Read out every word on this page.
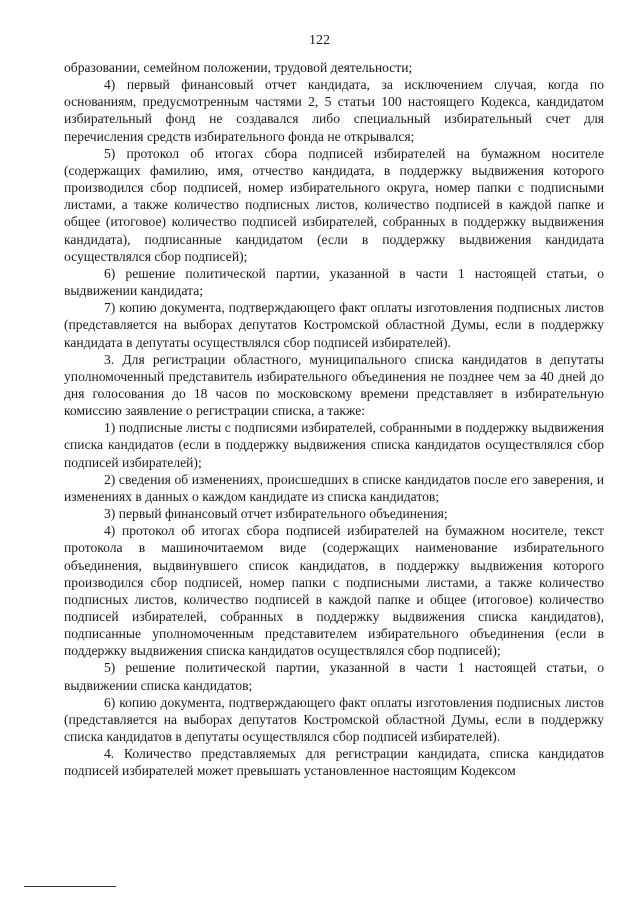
122

образовании, семейном положении, трудовой деятельности;

4) первый финансовый отчет кандидата, за исключением случая, когда по основаниям, предусмотренным частями 2, 5 статьи 100 настоящего Кодекса, кандидатом избирательный фонд не создавался либо специальный избирательный счет для перечисления средств избирательного фонда не открывался;

5) протокол об итогах сбора подписей избирателей на бумажном носителе (содержащих фамилию, имя, отчество кандидата, в поддержку выдвижения которого производился сбор подписей, номер избирательного округа, номер папки с подписными листами, а также количество подписных листов, количество подписей в каждой папке и общее (итоговое) количество подписей избирателей, собранных в поддержку выдвижения кандидата), подписанные кандидатом (если в поддержку выдвижения кандидата осуществлялся сбор подписей);

6) решение политической партии, указанной в части 1 настоящей статьи, о выдвижении кандидата;

7) копию документа, подтверждающего факт оплаты изготовления подписных листов (представляется на выборах депутатов Костромской областной Думы, если в поддержку кандидата в депутаты осуществлялся сбор подписей избирателей).

3. Для регистрации областного, муниципального списка кандидатов в депутаты уполномоченный представитель избирательного объединения не позднее чем за 40 дней до дня голосования до 18 часов по московскому времени представляет в избирательную комиссию заявление о регистрации списка, а также:

1) подписные листы с подписями избирателей, собранными в поддержку выдвижения списка кандидатов (если в поддержку выдвижения списка кандидатов осуществлялся сбор подписей избирателей);

2) сведения об изменениях, происшедших в списке кандидатов после его заверения, и изменениях в данных о каждом кандидате из списка кандидатов;

3) первый финансовый отчет избирательного объединения;

4) протокол об итогах сбора подписей избирателей на бумажном носителе, текст протокола в машиночитаемом виде (содержащих наименование избирательного объединения, выдвинувшего список кандидатов, в поддержку выдвижения которого производился сбор подписей, номер папки с подписными листами, а также количество подписных листов, количество подписей в каждой папке и общее (итоговое) количество подписей избирателей, собранных в поддержку выдвижения списка кандидатов), подписанные уполномоченным представителем избирательного объединения (если в поддержку выдвижения списка кандидатов осуществлялся сбор подписей);

5) решение политической партии, указанной в части 1 настоящей статьи, о выдвижении списка кандидатов;

6) копию документа, подтверждающего факт оплаты изготовления подписных листов (представляется на выборах депутатов Костромской областной Думы, если в поддержку списка кандидатов в депутаты осуществлялся сбор подписей избирателей).

4. Количество представляемых для регистрации кандидата, списка кандидатов подписей избирателей может превышать установленное настоящим Кодексом
